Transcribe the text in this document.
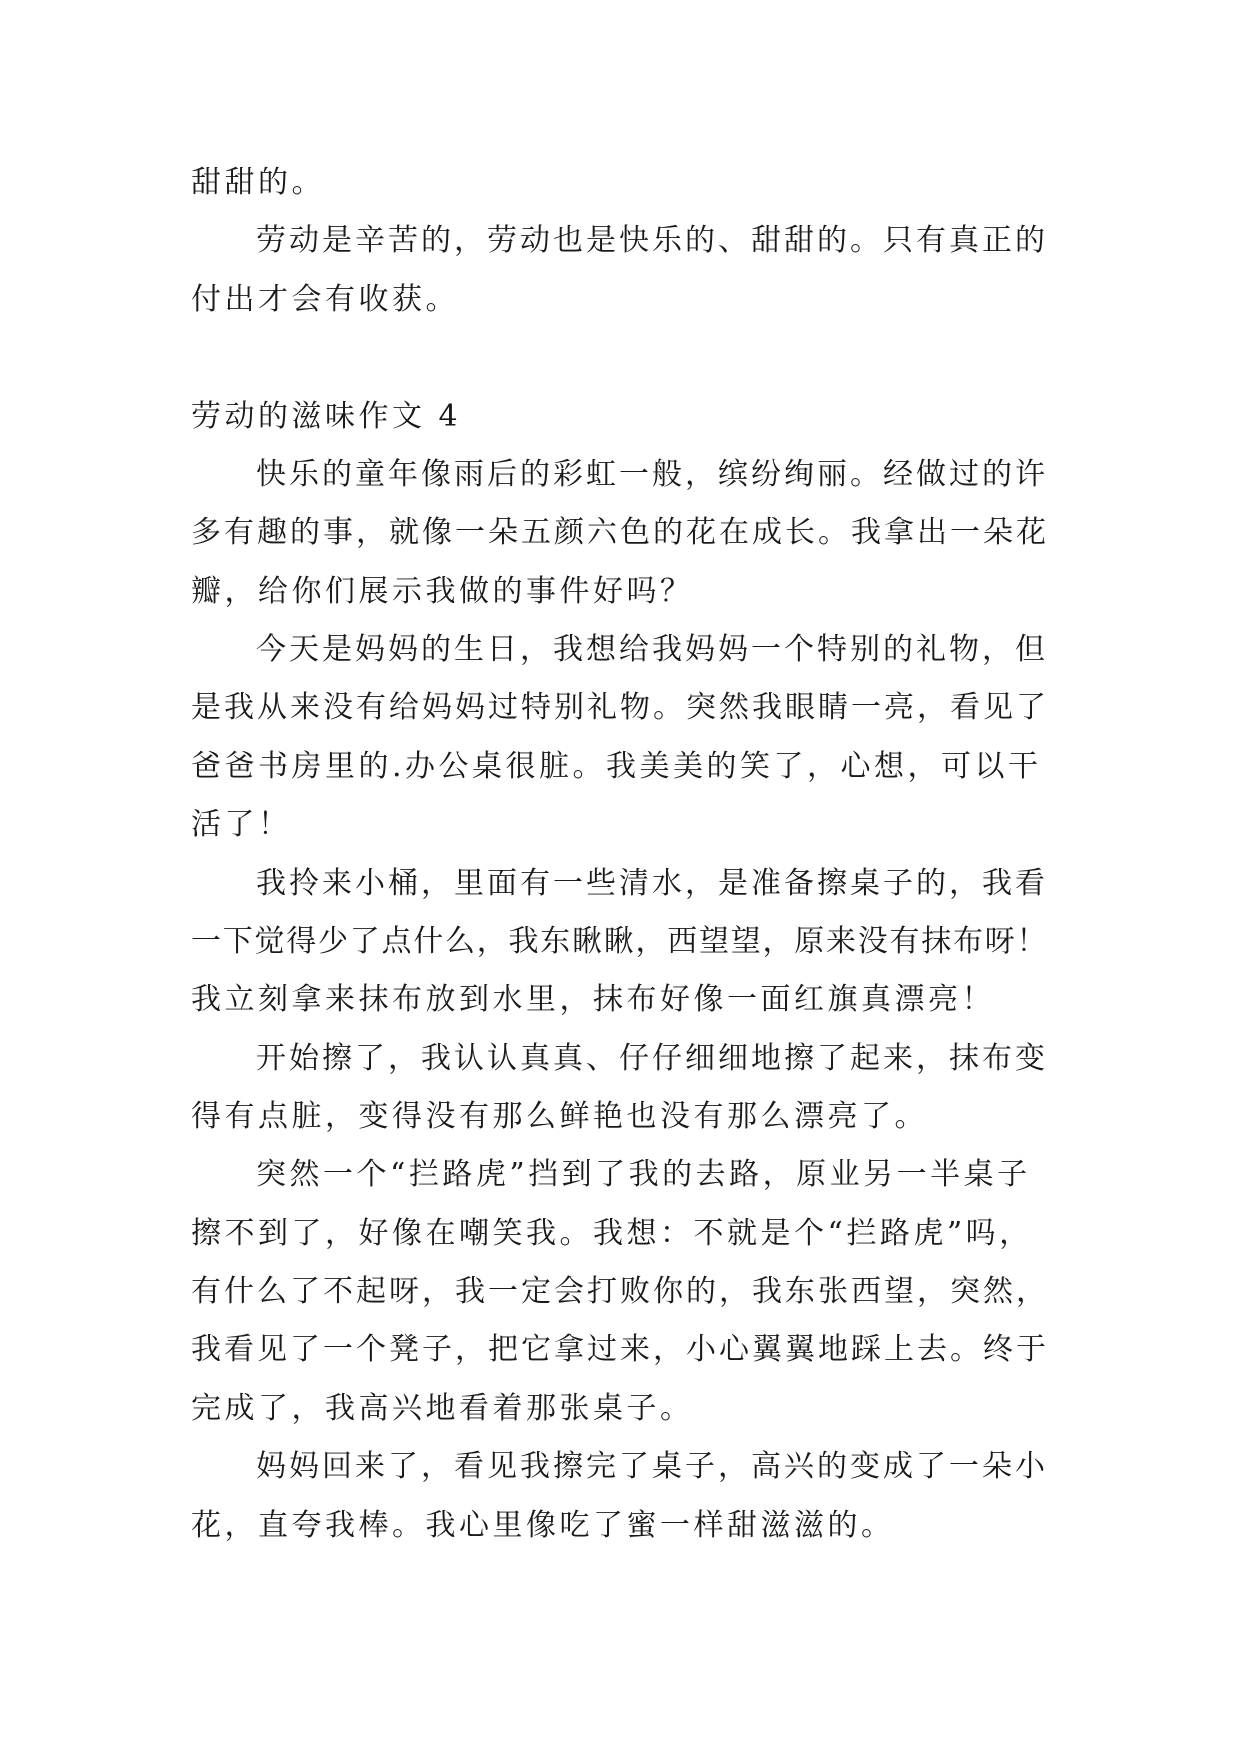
甜甜的。

劳动是辛苦的，劳动也是快乐的、甜甜的。只有真正的

付出才会有收获。

劳动的滋味作文 4

快乐的童年像雨后的彩虹一般，缤纷绚丽。经做过的许

多有趣的事，就像一朵五颜六色的花在成长。我拿出一朵花

瓣，给你们展示我做的事件好吗？

今天是妈妈的生日，我想给我妈妈一个特别的礼物，但

是我从来没有给妈妈过特别礼物。突然我眼睛一亮，看见了

爸爸书房里的.办公桌很脏。我美美的笑了，心想，可以干

活了！

我拎来小桶，里面有一些清水，是准备擦桌子的，我看

一下觉得少了点什么，我东瞅瞅，西望望，原来没有抹布呀！

我立刻拿来抹布放到水里，抹布好像一面红旗真漂亮！

开始擦了，我认认真真、仔仔细细地擦了起来，抹布变

得有点脏，变得没有那么鲜艳也没有那么漂亮了。

突然一个“拦路虎”挡到了我的去路，原业另一半桌子

擦不到了，好像在嘲笑我。我想：不就是个“拦路虎”吗，

有什么了不起呀，我一定会打败你的，我东张西望，突然，

我看见了一个凳子，把它拿过来，小心翼翼地踩上去。终于

完成了，我高兴地看着那张桌子。

妈妈回来了，看见我擦完了桌子，高兴的变成了一朵小

花，直夸我棒。我心里像吃了蜜一样甜滋滋的。
